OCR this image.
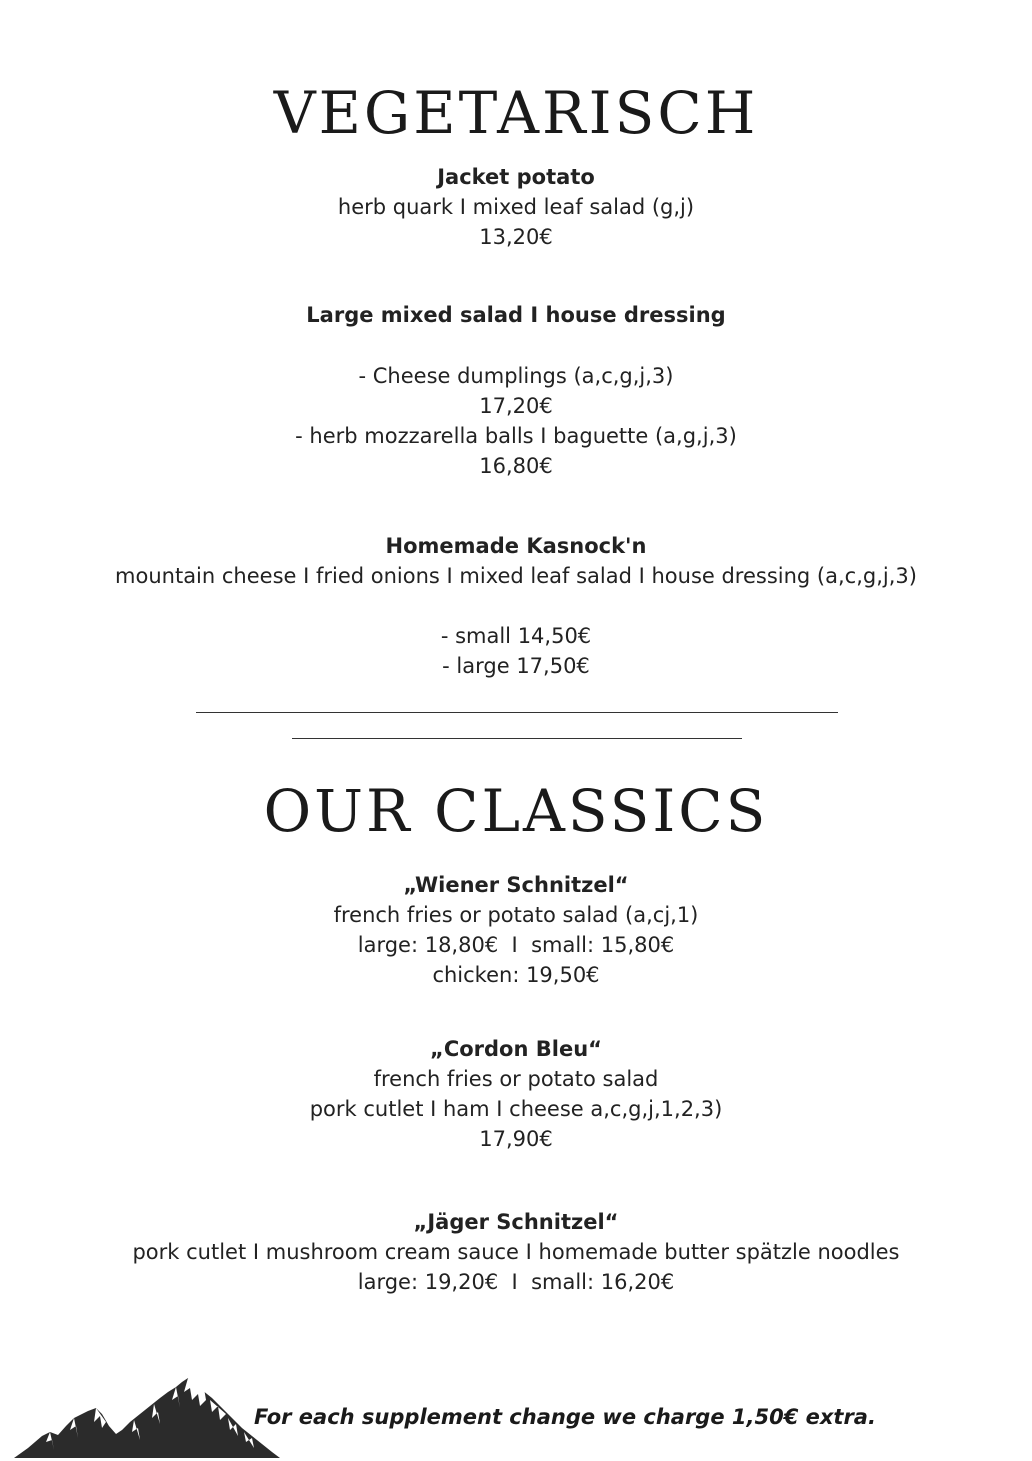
VEGETARISCH
Jacket potato
herb quark I mixed leaf salad (g,j)
13,20€
Large mixed salad I house dressing
- Cheese dumplings (a,c,g,j,3)
17,20€
- herb mozzarella balls I baguette (a,g,j,3)
16,80€
Homemade Kasnock'n
mountain cheese I fried onions I mixed leaf salad I house dressing (a,c,g,j,3)
- small 14,50€
- large 17,50€
OUR CLASSICS
„Wiener Schnitzel“
french fries or potato salad (a,cj,1)
large: 18,80€  I  small: 15,80€
chicken: 19,50€
„Cordon Bleu“
french fries or potato salad
pork cutlet I ham I cheese a,c,g,j,1,2,3)
17,90€
„Jäger Schnitzel“
pork cutlet I mushroom cream sauce I homemade butter spätzle noodles
large: 19,20€  I  small: 16,20€
For each supplement change we charge 1,50€ extra.
